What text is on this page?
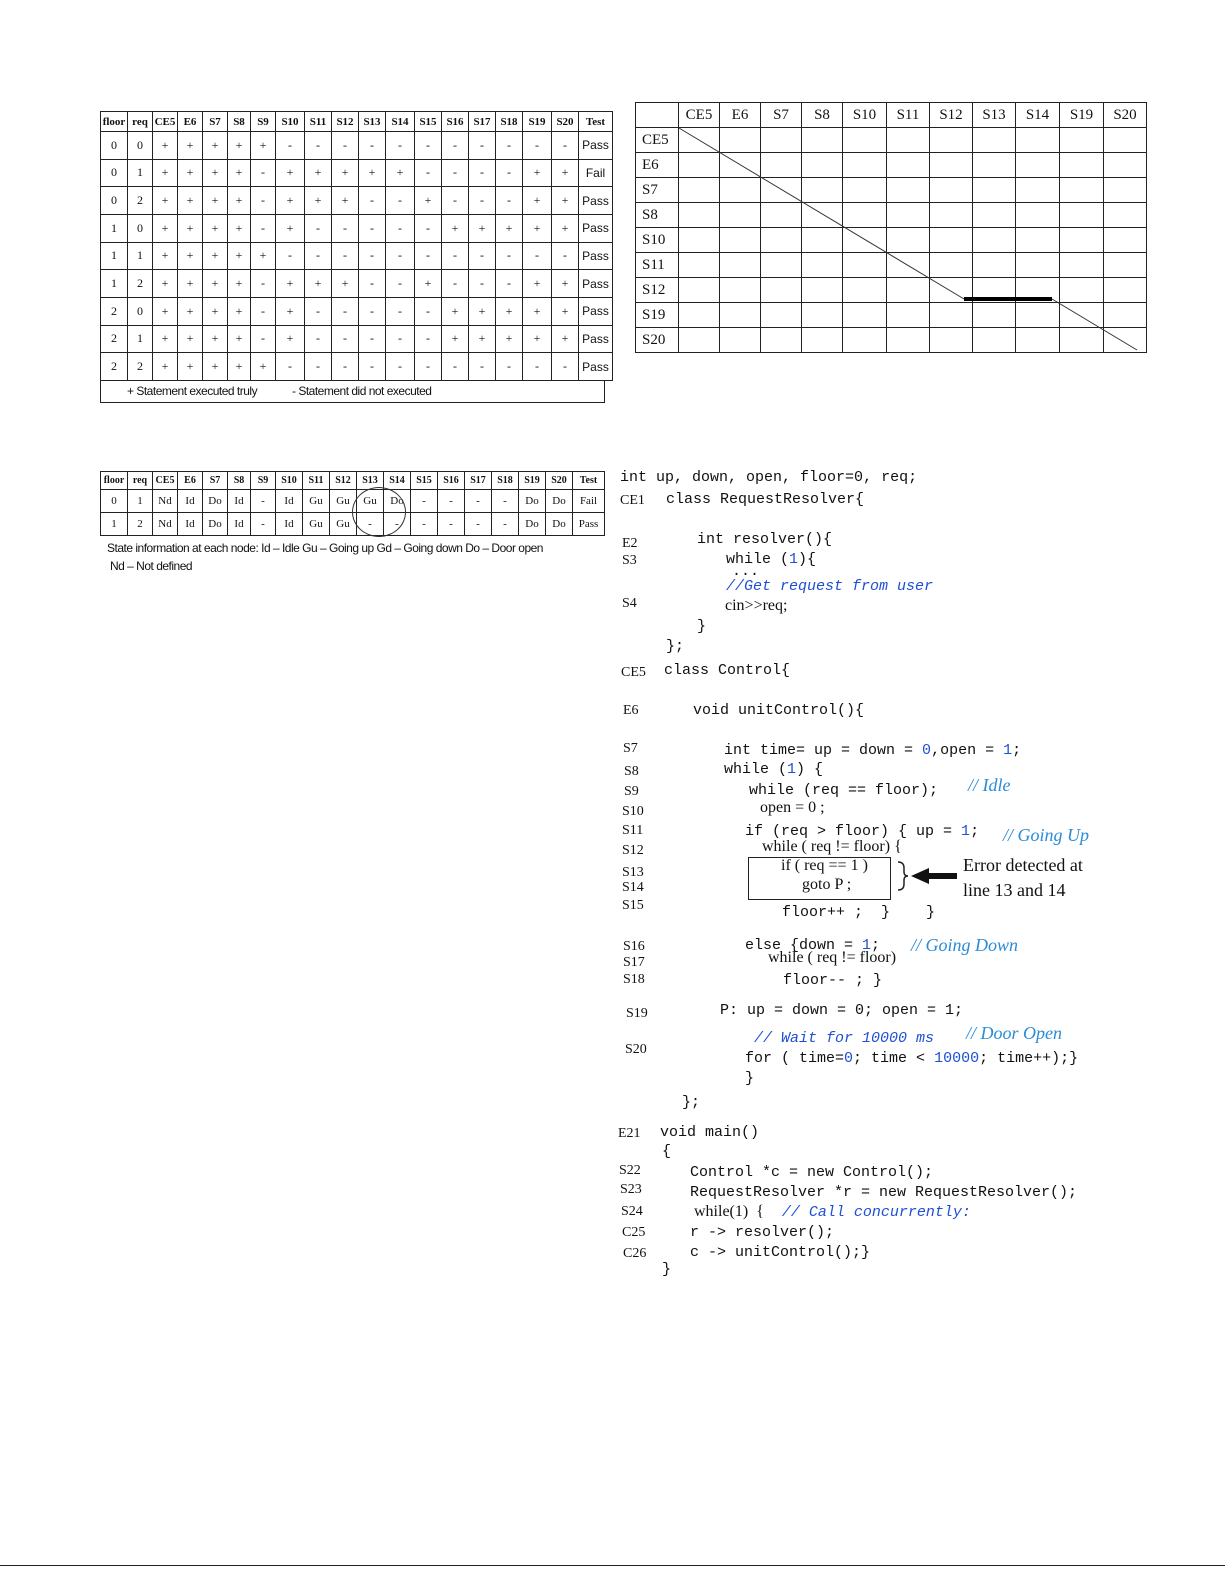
floor	req	CE5	E6	S7	S8	S9	S10	S11	S12	S13	S14	S15	S16	S17	S18	S19	S20	Test
0	0	+	+	+	+	+	-	-	-	-	-	-	-	-	-	-	-	Pass
0	1	+	+	+	+	-	+	+	+	+	+	-	-	-	-	+	+	Fail
0	2	+	+	+	+	-	+	+	+	-	-	+	-	-	-	+	+	Pass
1	0	+	+	+	+	-	+	-	-	-	-	-	+	+	+	+	+	Pass
1	1	+	+	+	+	+	-	-	-	-	-	-	-	-	-	-	-	Pass
1	2	+	+	+	+	-	+	+	+	-	-	+	-	-	-	+	+	Pass
2	0	+	+	+	+	-	+	-	-	-	-	-	+	+	+	+	+	Pass
2	1	+	+	+	+	-	+	-	-	-	-	-	+	+	+	+	+	Pass
2	2	+	+	+	+	+	-	-	-	-	-	-	-	-	-	-	-	Pass
+ Statement executed truly	- Statement did not executed
floor	req	CE5	E6	S7	S8	S9	S10	S11	S12	S13	S14	S15	S16	S17	S18	S19	S20	Test
0	1	Nd	Id	Do	Id	-	Id	Gu	Gu	Gu	Do	-	-	-	-	Do	Do	Fail
1	2	Nd	Id	Do	Id	-	Id	Gu	Gu	-	-	-	-	-	-	Do	Do	Pass
State information at each node: Id – Idle Gu – Going up Gd – Going down Do – Door open
Nd – Not defined
	CE5	E6	S7	S8	S10	S11	S12	S13	S14	S19	S20
CE5											
E6											
S7											
S8											
S10											
S11											
S12											
S19											
S20											
int up, down, open, floor=0, req;
CE1 class RequestResolver{
E2	int resolver(){
S3	while (1){
...
//Get request from user
S4	cin>>req;
}
};
CE5 class Control{
E6	void unitControl(){
S7	int time= up = down = 0,open = 1;
S8	while (1) {
S9	while (req == floor); // Idle
S10	open = 0 ;
S11	if (req > floor) { up = 1; // Going Up
S12	while ( req != floor) {
S13
S14
if ( req == 1 )
goto P ;
Error detected at
line 13 and 14
S15	floor++ ;  }    }
S16	else {down = 1; // Going Down
S17	while ( req != floor)
S18	floor-- ; }
S19	P: up = down = 0; open = 1;
// Wait for 10000 ms // Door Open
S20
for ( time=0; time < 10000; time++);}
}
};
E21 void main()
{
S22	Control *c = new Control();
S23	RequestResolver *r = new RequestResolver();
S24	while(1)  { // Call concurrently:
C25	r -> resolver();
C26	c -> unitControl();}
}
